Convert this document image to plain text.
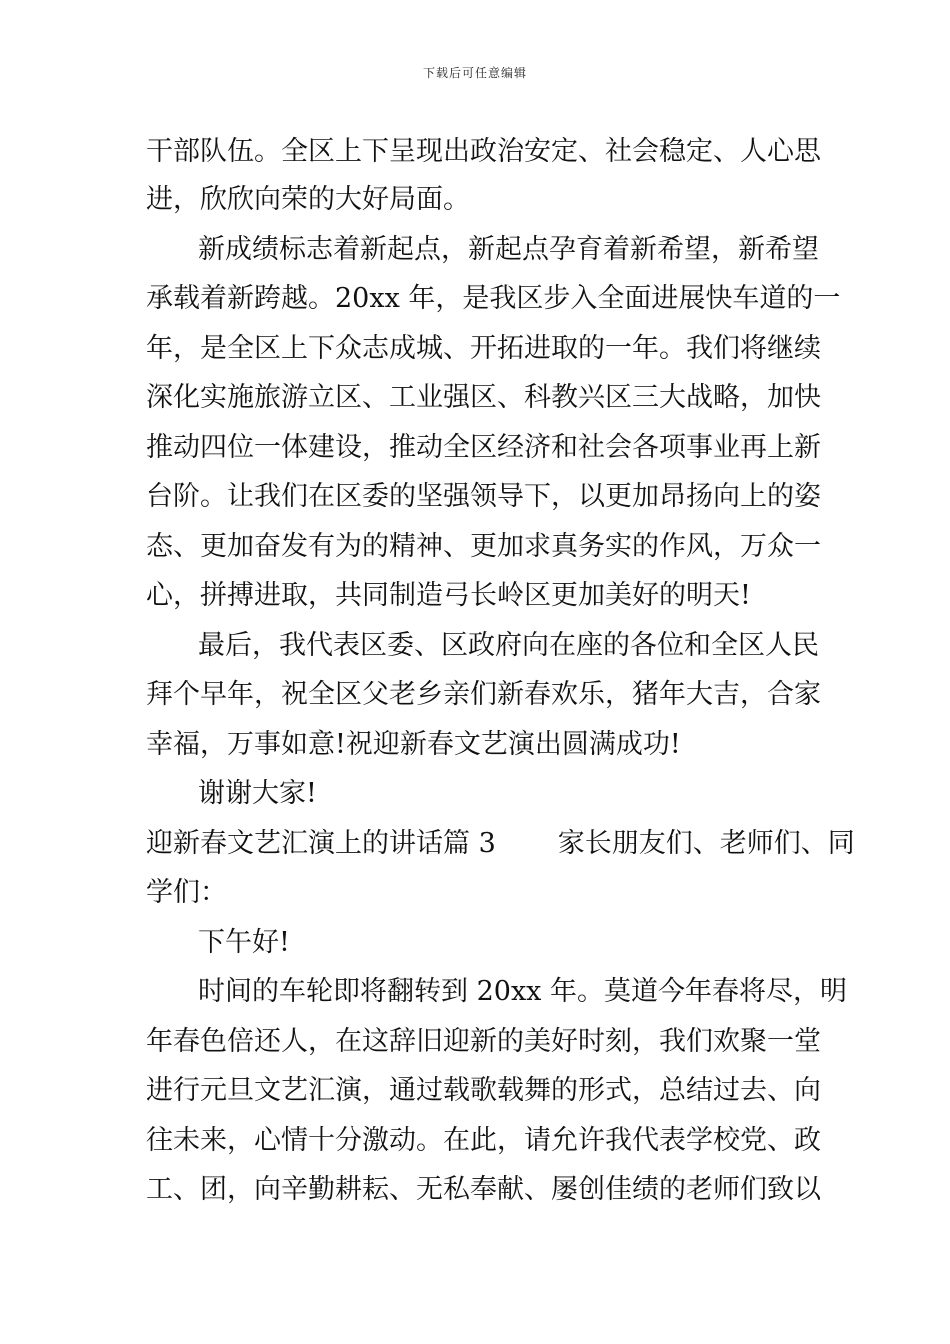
下载后可任意编辑
干部队伍。全区上下呈现出政治安定、社会稳定、人心思
进，欣欣向荣的大好局面。
新成绩标志着新起点，新起点孕育着新希望，新希望
承载着新跨越。20xx 年，是我区步入全面进展快车道的一
年，是全区上下众志成城、开拓进取的一年。我们将继续
深化实施旅游立区、工业强区、科教兴区三大战略，加快
推动四位一体建设，推动全区经济和社会各项事业再上新
台阶。让我们在区委的坚强领导下，以更加昂扬向上的姿
态、更加奋发有为的精神、更加求真务实的作风，万众一
心，拼搏进取，共同制造弓长岭区更加美好的明天!
最后，我代表区委、区政府向在座的各位和全区人民
拜个早年，祝全区父老乡亲们新春欢乐，猪年大吉，合家
幸福，万事如意!祝迎新春文艺演出圆满成功!
谢谢大家!
迎新春文艺汇演上的讲话篇 3 家长朋友们、老师们、同
学们：
下午好!
时间的车轮即将翻转到 20xx 年。莫道今年春将尽，明
年春色倍还人，在这辞旧迎新的美好时刻，我们欢聚一堂
进行元旦文艺汇演，通过载歌载舞的形式，总结过去、向
往未来，心情十分激动。在此，请允许我代表学校党、政
工、团，向辛勤耕耘、无私奉献、屡创佳绩的老师们致以
